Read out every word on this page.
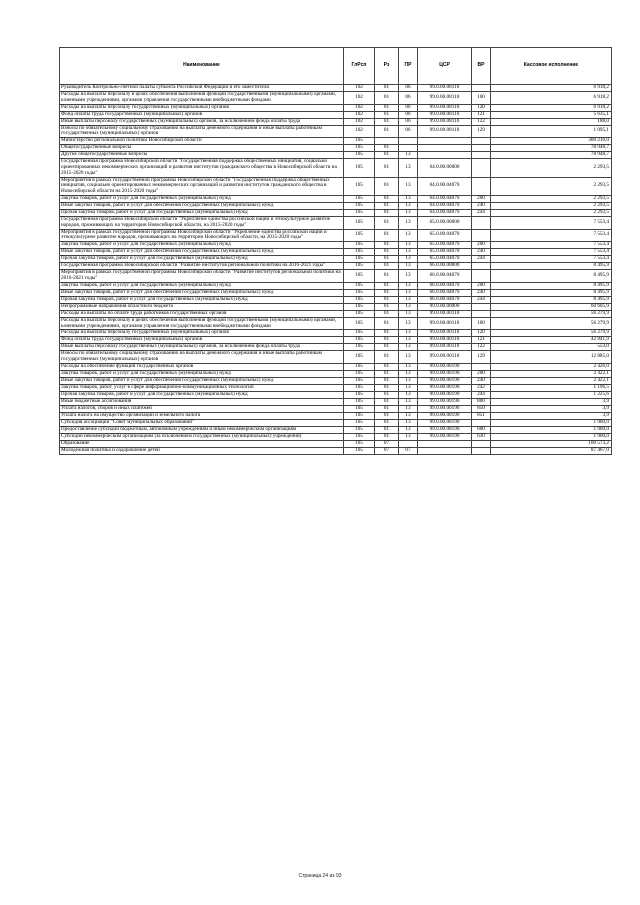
Наименование	ГлРсп	Рз	ПР	ЦСР	ВР	Кассовое исполнение
Руководитель Контрольно-счетной палаты субъекта Российской Федерации и его заместители	102	01	06	99.0.00.08110		6 918,2
Расходы на выплаты персоналу в целях обеспечения выполнения функций государственными (муниципальными) органами, казенными учреждениями, органами управления государственными внебюджетными фондами	102	01	06	99.0.00.08110	100	6 918,2
Расходы на выплаты персоналу государственных (муниципальных) органов	102	01	06	99.0.00.08110	120	6 918,2
Фонд оплаты труда государственных (муниципальных) органов	102	01	06	99.0.00.08110	121	5 635,1
Иные выплаты персоналу государственных (муниципальных) органов, за исключением фонда оплаты труда	102	01	06	99.0.00.08110	122	188,0
Взносы по обязательному социальному страхованию на выплаты денежного содержания и иные выплаты работникам государственных (муниципальных) органов	102	01	06	99.0.00.08110	129	1 095,1
Министерство региональной политики Новосибирской области	105					300 216,0
Общегосударственные вопросы	105	01				78 948,7
Другие общегосударственные вопросы	105	01	13			78 948,7
Государственная программа Новосибирской области "Государственная поддержка общественных инициатив, социально ориентированных некоммерческих организаций и развития институтов гражданского общества в Новосибирской области на 2015-2020 годы"	105	01	13	64.0.00.00000		2 293,5
Мероприятия в рамках государственной программы Новосибирской области "Государственная поддержка общественных инициатив, социально ориентированных некоммерческих организаций и развития институтов гражданского общества в Новосибирской области на 2015-2020 годы"	105	01	13	64.0.00.04070		2 293,5
Закупка товаров, работ и услуг для государственных (муниципальных) нужд	105	01	13	64.0.00.04070	200	2 293,5
Иные закупки товаров, работ и услуг для обеспечения государственных (муниципальных) нужд	105	01	13	64.0.00.04070	240	2 293,5
Прочая закупка товаров, работ и услуг для государственных (муниципальных) нужд	105	01	13	64.0.00.04070	244	2 293,5
Государственная программа Новосибирской области "Укрепление единства российской нации и этнокультурное развитие народов, проживающих на территории Новосибирской области, на 2015-2020 годы"	105	01	13	65.0.00.00000		7 553,4
Мероприятия в рамках государственной программы Новосибирской области "Укрепление единства российской нации и этнокультурное развитие народов, проживающих на территории Новосибирской области, на 2015-2020 годы"	105	01	13	65.0.00.04070		7 553,4
Закупка товаров, работ и услуг для государственных (муниципальных) нужд	105	01	13	65.0.00.04070	200	7 553,4
Иные закупки товаров, работ и услуг для обеспечения государственных (муниципальных) нужд	105	01	13	65.0.00.04070	240	7 553,4
Прочая закупка товаров, работ и услуг для государственных (муниципальных) нужд	105	01	13	65.0.00.04070	244	7 553,4
Государственная программа Новосибирской области "Развитие институтов региональной политики на 2016-2021 годы"	105	01	13	66.0.00.00000		8 495,9
Мероприятия в рамках государственной программы Новосибирской области "Развитие институтов региональной политики на 2016-2021 годы"	105	01	13	66.0.00.04070		8 495,9
Закупка товаров, работ и услуг для государственных (муниципальных) нужд	105	01	13	66.0.00.04070	200	8 495,9
Иные закупки товаров, работ и услуг для обеспечения государственных (муниципальных) нужд	105	01	13	66.0.00.04070	240	8 495,9
Прочая закупка товаров, работ и услуг для государственных (муниципальных) нужд	105	01	13	66.0.00.04070	244	8 495,9
Непрограммные направления областного бюджета	105	01	13	99.0.00.00000		60 605,9
Расходы на выплаты по оплате труда работников государственных органов	105	01	13	99.0.00.00110		56 279,9
Расходы на выплаты персоналу в целях обеспечения выполнения функций государственными (муниципальными) органами, казенными учреждениями, органами управления государственными внебюджетными фондами	105	01	13	99.0.00.00110	100	56 279,9
Расходы на выплаты персоналу государственных (муниципальных) органов	105	01	13	99.0.00.00110	120	56 279,9
Фонд оплаты труда государственных (муниципальных) органов	105	01	13	99.0.00.00110	121	42 841,9
Иные выплаты персоналу государственных (муниципальных) органов, за исключением фонда оплаты труда	105	01	13	99.0.00.00110	122	553,0
Взносы по обязательному социальному страхованию на выплаты денежного содержания и иные выплаты работникам государственных (муниципальных) органов	105	01	13	99.0.00.00110	129	12 885,0
Расходы на обеспечение функций государственных органов	105	01	13	99.0.00.00190		2 426,0
Закупка товаров, работ и услуг для государственных (муниципальных) нужд	105	01	13	99.0.00.00190	200	2 422,1
Иные закупки товаров, работ и услуг для обеспечения государственных (муниципальных) нужд	105	01	13	99.0.00.00190	240	2 422,1
Закупка товаров, работ, услуг в сфере информационно-коммуникационных технологий	105	01	13	99.0.00.00190	242	1 196,5
Прочая закупка товаров, работ и услуг для государственных (муниципальных) нужд	105	01	13	99.0.00.00190	244	1 225,6
Иные бюджетные ассигнования	105	01	13	99.0.00.00190	800	3,9
Уплата налогов, сборов и иных платежей	105	01	13	99.0.00.00190	850	3,9
Уплата налога на имущество организаций и земельного налога	105	01	13	99.0.00.00190	851	3,9
Субсидия ассоциации "Совет муниципальных образований"	105	01	13	99.0.00.08190		1 900,0
Предоставление субсидий бюджетным, автономным учреждениям и иным некоммерческим организациям	105	01	13	99.0.00.08190	600	1 900,0
Субсидии некоммерческим организациям (за исключением государственных (муниципальных) учреждений)	105	01	13	99.0.00.08190	630	1 900,0
Образование	105	07				100 573,2
Молодежная политика и оздоровление детей	105	07	07			87 467,0
Страница 24 из 93
